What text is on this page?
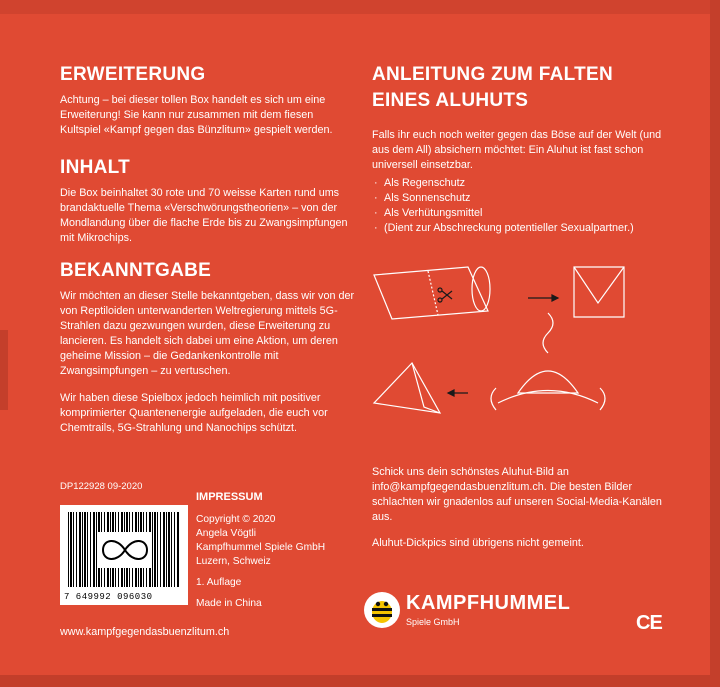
ERWEITERUNG

Achtung – bei dieser tollen Box handelt es sich um eine Erweiterung! Sie kann nur zusammen mit dem fiesen Kultspiel «Kampf gegen das Bünzlitum» gespielt werden.

INHALT

Die Box beinhaltet 30 rote und 70 weisse Karten rund ums brandaktuelle Thema «Verschwörungstheorien» – von der Mondlandung über die flache Erde bis zu Zwangsimpfungen mit Mikrochips.

BEKANNTGABE

Wir möchten an dieser Stelle bekanntgeben, dass wir von der von Reptiloiden unterwanderten Weltregierung mittels 5G-Strahlen dazu gezwungen wurden, diese Erweiterung zu lancieren. Es handelt sich dabei um eine Aktion, um deren geheime Mission – die Gedankenkontrolle mit Zwangsimpfungen – zu vertuschen.

Wir haben diese Spielbox jedoch heimlich mit positiver komprimierter Quantenenergie aufgeladen, die euch vor Chemtrails, 5G-Strahlung und Nanochips schützt.

ANLEITUNG ZUM FALTEN
EINES ALUHUTS

Falls ihr euch noch weiter gegen das Böse auf der Welt (und aus dem All) absichern möchtet: Ein Aluhut ist fast schon universell einsetzbar.

· Als Regenschutz
· Als Sonnenschutz
· Als Verhütungsmittel
· (Dient zur Abschreckung potentieller Sexualpartner.)

Schick uns dein schönstes Aluhut-Bild an info@kampfgegendasbuenzlitum.ch. Die besten Bilder schlachten wir gnadenlos auf unseren Social-Media-Kanälen aus.

Aluhut-Dickpics sind übrigens nicht gemeint.

DP122928 09-2020
IMPRESSUM
Copyright © 2020
Angela Vögtli
Kampfhummel Spiele GmbH
Luzern, Schweiz
1. Auflage
Made in China
7 649992 096030
www.kampfgegendasbuenzlitum.ch
KAMPFHUMMEL
Spiele GmbH	CE
